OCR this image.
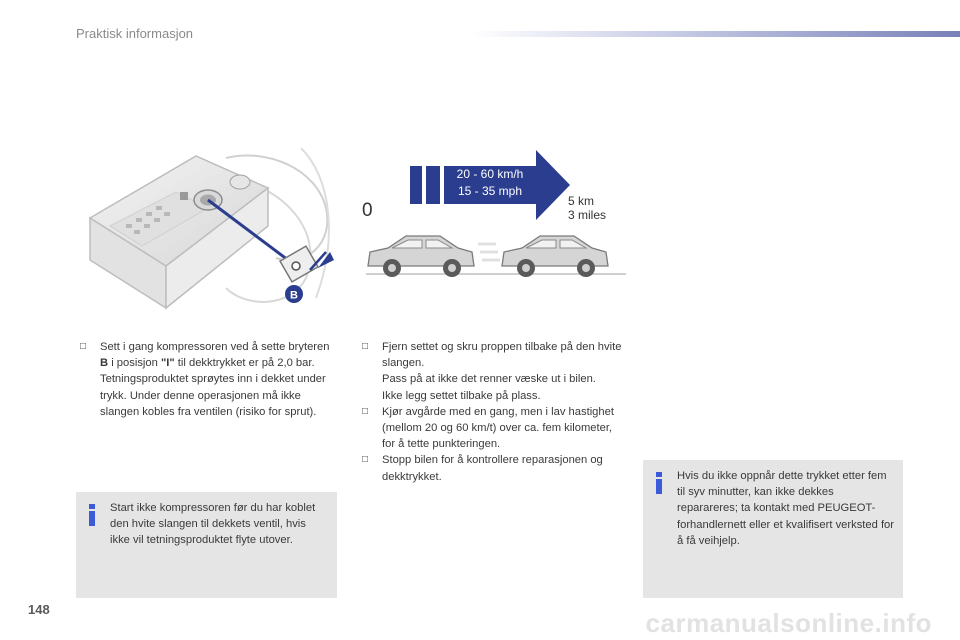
Praktisk informasjon
B
20 - 60 km/h
15 - 35 mph
0	5 km
3 miles
□ Sett i gang kompressoren ved å sette bryteren B i posisjon "I" til dekktrykket er på 2,0 bar.

Tetningsproduktet sprøytes inn i dekket under trykk. Under denne operasjonen må ikke slangen kobles fra ventilen (risiko for sprut).

□ Fjern settet og skru proppen tilbake på den hvite slangen.

Pass på at ikke det renner væske ut i bilen.

Ikke legg settet tilbake på plass.

□ Kjør avgårde med en gang, men i lav hastighet (mellom 20 og 60 km/t) over ca. fem kilometer, for å tette punkteringen.

□ Stopp bilen for å kontrollere reparasjonen og dekktrykket.

Start ikke kompressoren før du har koblet den hvite slangen til dekkets ventil, hvis ikke vil tetningsproduktet flyte utover.

Hvis du ikke oppnår dette trykket etter fem til syv minutter, kan ikke dekkes reparareres; ta kontakt med PEUGEOT-forhandlernett eller et kvalifisert verksted for å få veihjelp.

148	carmanualsonline.info
